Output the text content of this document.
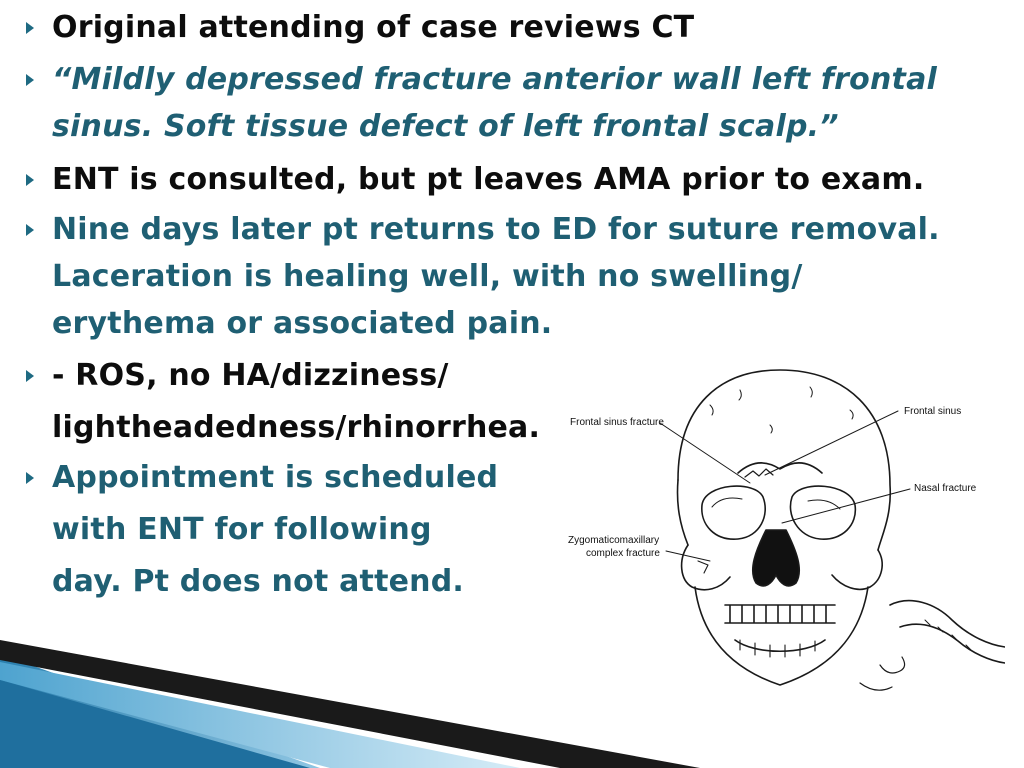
Original attending of case reviews CT
“Mildly depressed fracture anterior wall left frontal
sinus. Soft tissue defect of left frontal scalp.”
ENT is consulted, but pt leaves AMA prior to exam.
Nine days later pt returns to ED for suture removal.
Laceration is healing well, with no swelling/
erythema or associated pain.
- ROS, no HA/dizziness/
lightheadedness/rhinorrhea.
Appointment is scheduled
with ENT for following
day. Pt does not attend.
Frontal sinus fracture
Frontal sinus
Nasal fracture
Zygomaticomaxillary
complex fracture
